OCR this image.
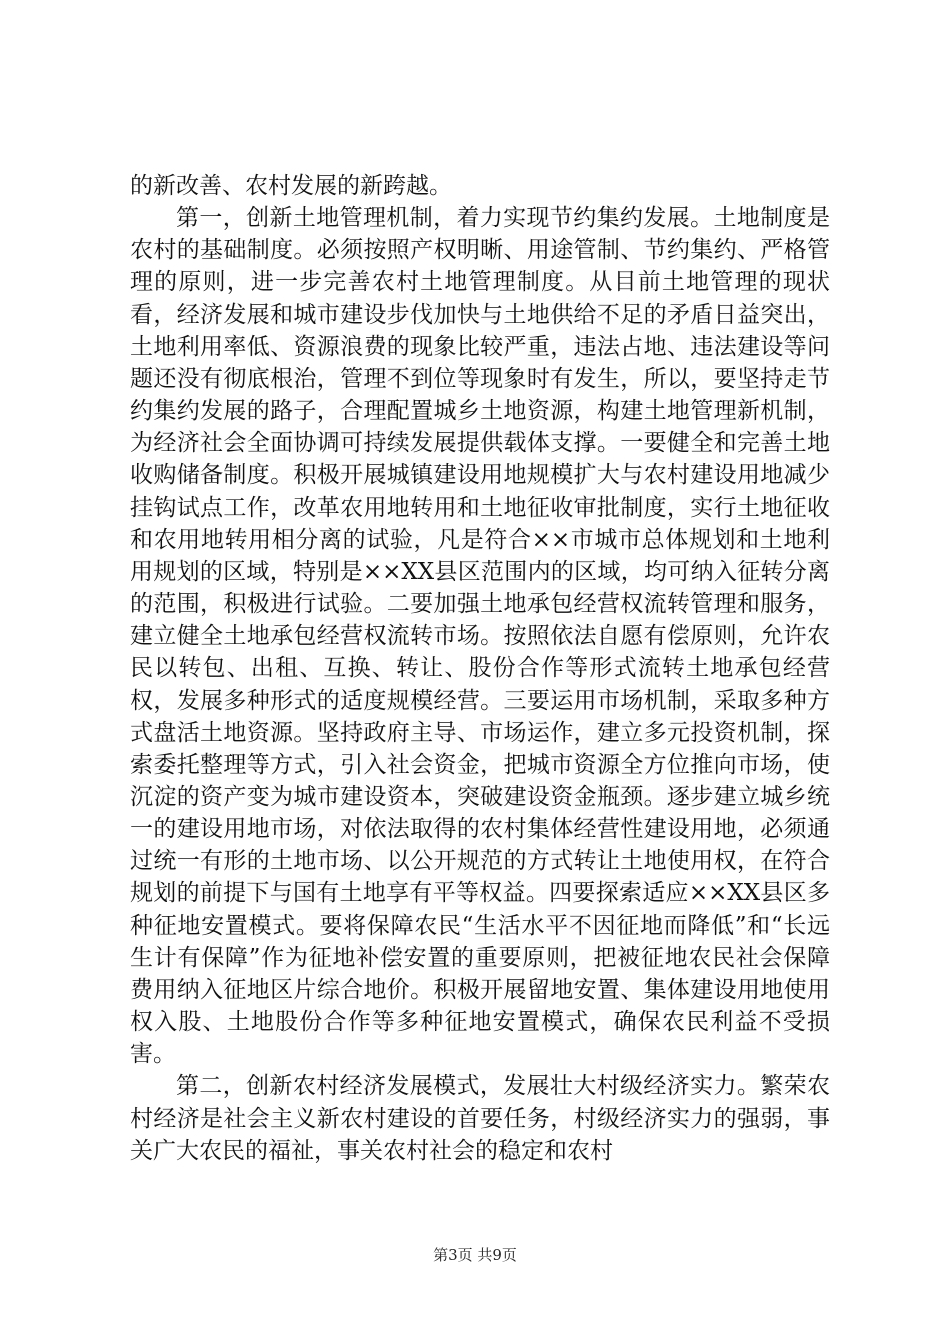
的新改善、农村发展的新跨越。

第一，创新土地管理机制，着力实现节约集约发展。土地制度是农村的基础制度。必须按照产权明晰、用途管制、节约集约、严格管理的原则，进一步完善农村土地管理制度。从目前土地管理的现状看，经济发展和城市建设步伐加快与土地供给不足的矛盾日益突出，土地利用率低、资源浪费的现象比较严重，违法占地、违法建设等问题还没有彻底根治，管理不到位等现象时有发生，所以，要坚持走节约集约发展的路子，合理配置城乡土地资源，构建土地管理新机制，为经济社会全面协调可持续发展提供载体支撑。一要健全和完善土地收购储备制度。积极开展城镇建设用地规模扩大与农村建设用地减少挂钩试点工作，改革农用地转用和土地征收审批制度，实行土地征收和农用地转用相分离的试验，凡是符合××市城市总体规划和土地利用规划的区域，特别是××XX县区范围内的区域，均可纳入征转分离的范围，积极进行试验。二要加强土地承包经营权流转管理和服务，建立健全土地承包经营权流转市场。按照依法自愿有偿原则，允许农民以转包、出租、互换、转让、股份合作等形式流转土地承包经营权，发展多种形式的适度规模经营。三要运用市场机制，采取多种方式盘活土地资源。坚持政府主导、市场运作，建立多元投资机制，探索委托整理等方式，引入社会资金，把城市资源全方位推向市场，使沉淀的资产变为城市建设资本，突破建设资金瓶颈。逐步建立城乡统一的建设用地市场，对依法取得的农村集体经营性建设用地，必须通过统一有形的土地市场、以公开规范的方式转让土地使用权，在符合规划的前提下与国有土地享有平等权益。四要探索适应××XX县区多种征地安置模式。要将保障农民“生活水平不因征地而降低”和“长远生计有保障”作为征地补偿安置的重要原则，把被征地农民社会保障费用纳入征地区片综合地价。积极开展留地安置、集体建设用地使用权入股、土地股份合作等多种征地安置模式，确保农民利益不受损害。

第二，创新农村经济发展模式，发展壮大村级经济实力。繁荣农村经济是社会主义新农村建设的首要任务，村级经济实力的强弱，事关广大农民的福祉，事关农村社会的稳定和农村

第3页 共9页
